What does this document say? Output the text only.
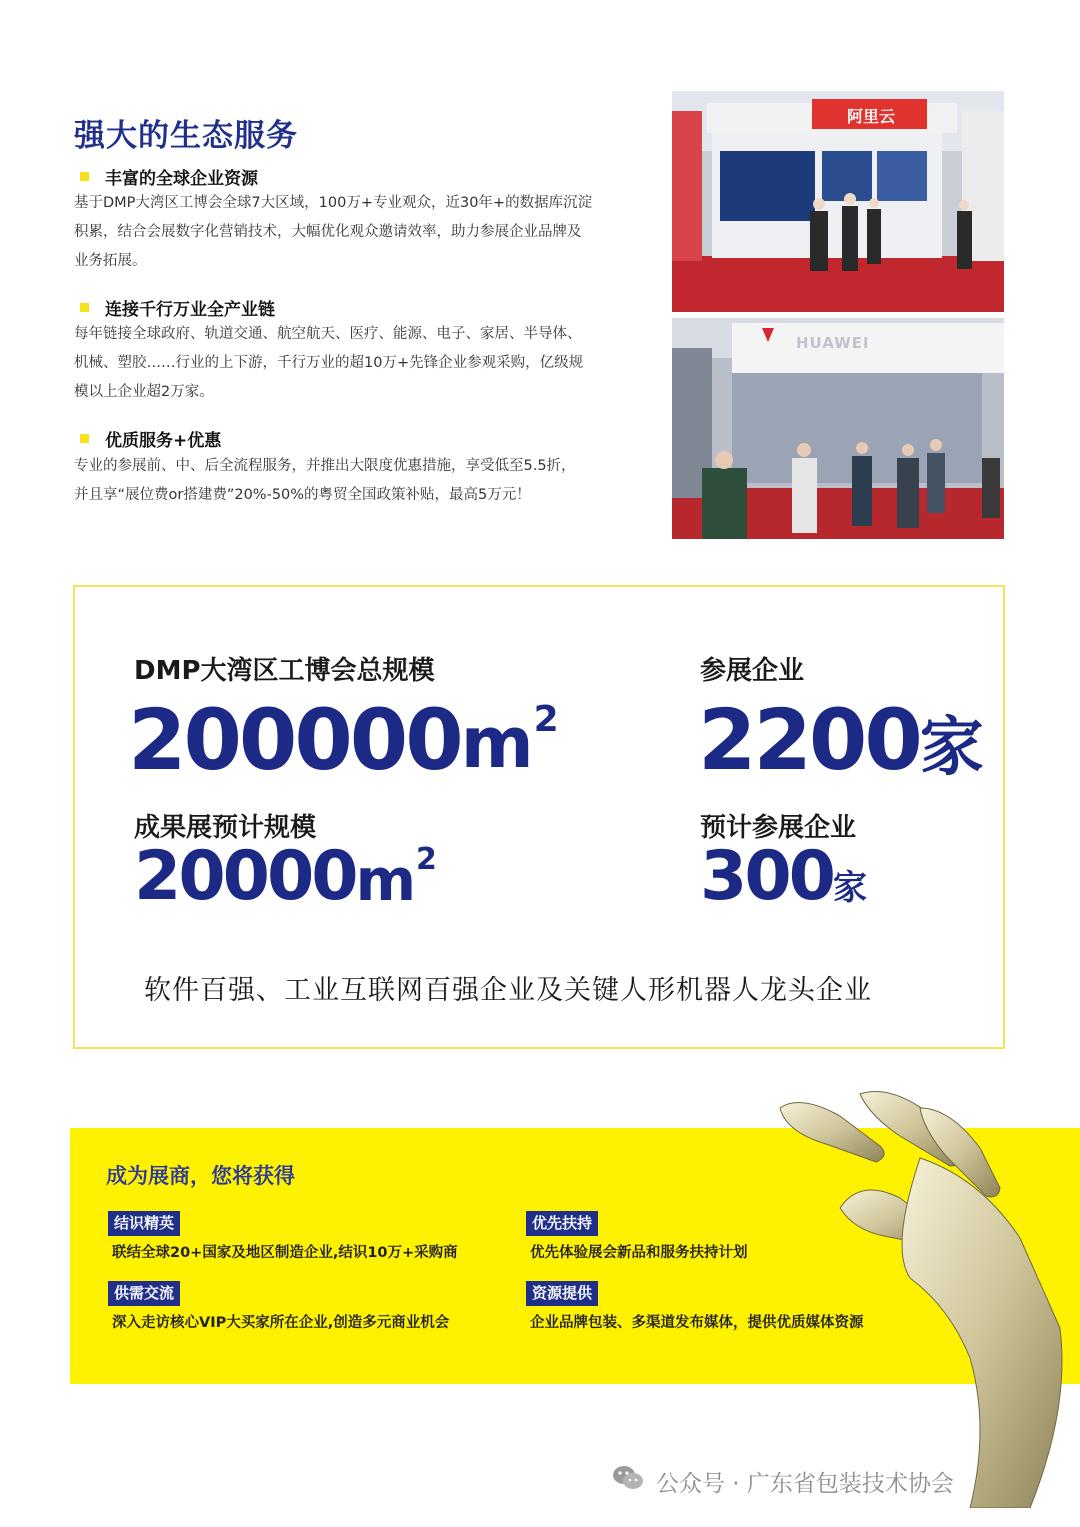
强大的生态服务
丰富的全球企业资源
基于DMP大湾区工博会全球7大区域，100万+专业观众，近30年+的数据库沉淀
积累，结合会展数字化营销技术，大幅优化观众邀请效率，助力参展企业品牌及
业务拓展。
连接千行万业全产业链
每年链接全球政府、轨道交通、航空航天、医疗、能源、电子、家居、半导体、
机械、塑胶……行业的上下游，千行万业的超10万+先锋企业参观采购，亿级规
模以上企业超2万家。
优质服务+优惠
专业的参展前、中、后全流程服务，并推出大限度优惠措施，享受低至5.5折，
并且享“展位费or搭建费”20%-50%的粤贸全国政策补贴，最高5万元！
阿里云
HUAWEI
DMP大湾区工博会总规模
200000 m 2
参展企业
2200 家
成果展预计规模
20000 m 2
预计参展企业
300 家
软件百强、工业互联网百强企业及关键人形机器人龙头企业
成为展商，您将获得
结识精英
联结全球20+国家及地区制造企业,结识10万+采购商
优先扶持
优先体验展会新品和服务扶持计划
供需交流
深入走访核心VIP大买家所在企业,创造多元商业机会
资源提供
企业品牌包装、多渠道发布媒体，提供优质媒体资源
公众号 · 广东省包装技术协会
